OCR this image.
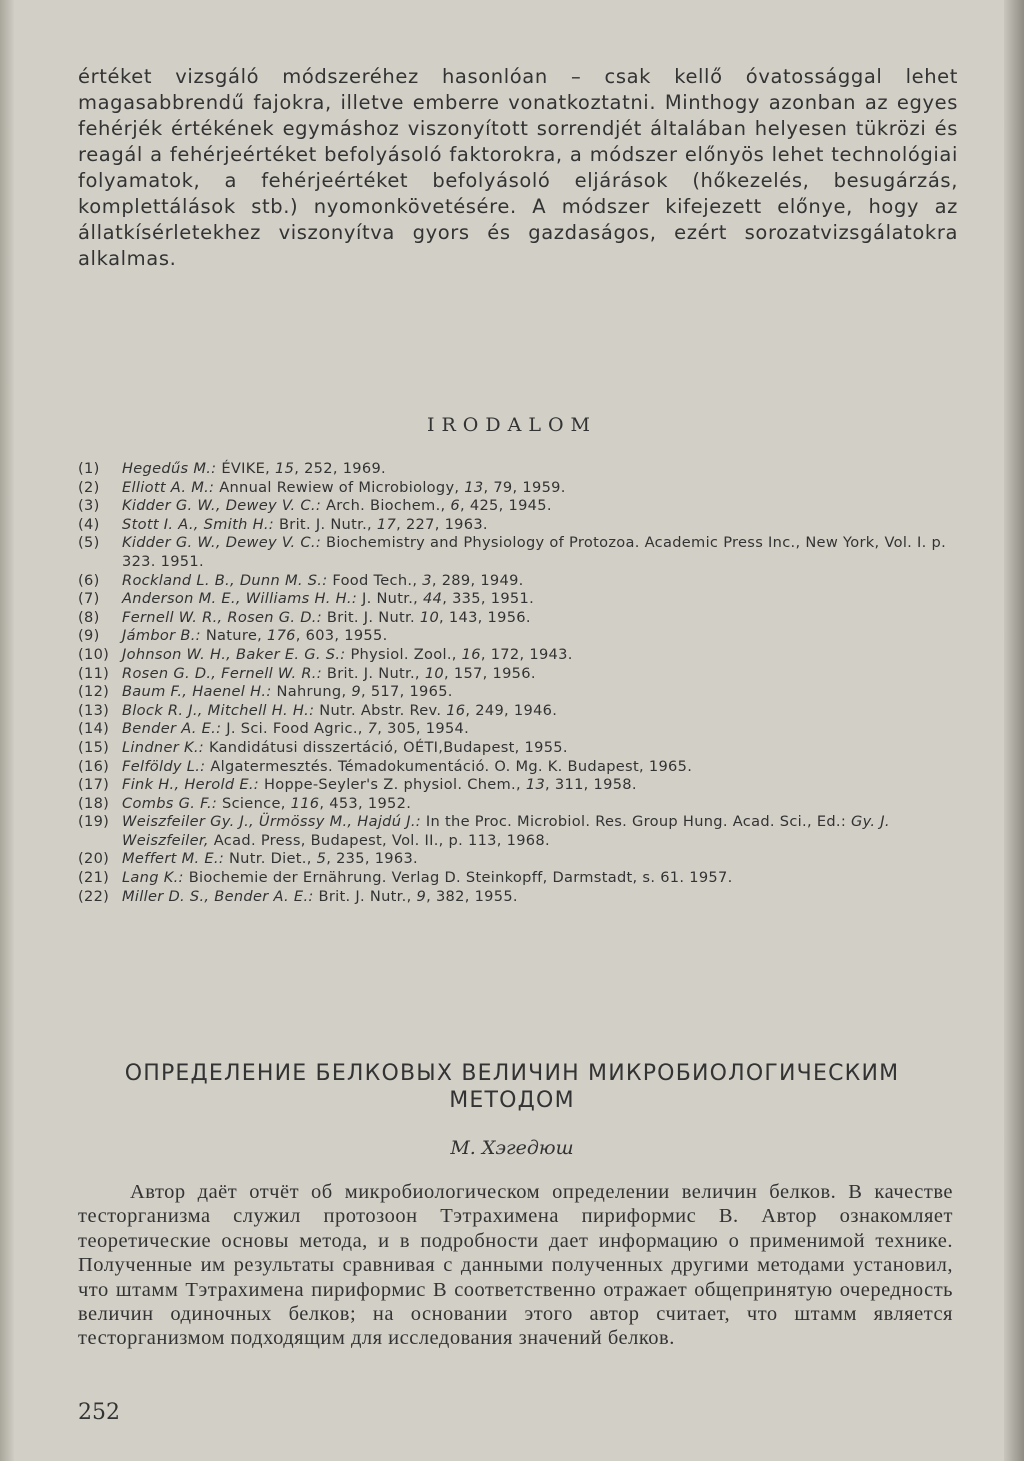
értéket vizsgáló módszeréhez hasonlóan – csak kellő óvatossággal lehet magasabbrendű fajokra, illetve emberre vonatkoztatni. Minthogy azonban az egyes fehérjék értékének egymáshoz viszonyított sorrendjét általában helyesen tükrözi és reagál a fehérjeértéket befolyásoló faktorokra, a módszer előnyös lehet technológiai folyamatok, a fehérjeértéket befolyásoló eljárások (hőkezelés, besugárzás, komplettálások stb.) nyomonkövetésére. A módszer kifejezett előnye, hogy az állatkísérletekhez viszonyítva gyors és gazdaságos, ezért sorozatvizsgálatokra alkalmas.

IRODALOM
(1) Hegedűs M.: ÉVIKE, 15, 252, 1969.
(2) Elliott A. M.: Annual Rewiew of Microbiology, 13, 79, 1959.
(3) Kidder G. W., Dewey V. C.: Arch. Biochem., 6, 425, 1945.
(4) Stott I. A., Smith H.: Brit. J. Nutr., 17, 227, 1963.
(5) Kidder G. W., Dewey V. C.: Biochemistry and Physiology of Protozoa. Academic Press Inc., New York, Vol. I. p. 323. 1951.
(6) Rockland L. B., Dunn M. S.: Food Tech., 3, 289, 1949.
(7) Anderson M. E., Williams H. H.: J. Nutr., 44, 335, 1951.
(8) Fernell W. R., Rosen G. D.: Brit. J. Nutr. 10, 143, 1956.
(9) Jámbor B.: Nature, 176, 603, 1955.
(10) Johnson W. H., Baker E. G. S.: Physiol. Zool., 16, 172, 1943.
(11) Rosen G. D., Fernell W. R.: Brit. J. Nutr., 10, 157, 1956.
(12) Baum F., Haenel H.: Nahrung, 9, 517, 1965.
(13) Block R. J., Mitchell H. H.: Nutr. Abstr. Rev. 16, 249, 1946.
(14) Bender A. E.: J. Sci. Food Agric., 7, 305, 1954.
(15) Lindner K.: Kandidátusi disszertáció, OÉTI,Budapest, 1955.
(16) Felföldy L.: Algatermesztés. Témadokumentáció. O. Mg. K. Budapest, 1965.
(17) Fink H., Herold E.: Hoppe-Seyler's Z. physiol. Chem., 13, 311, 1958.
(18) Combs G. F.: Science, 116, 453, 1952.
(19) Weiszfeiler Gy. J., Ürmössy M., Hajdú J.: In the Proc. Microbiol. Res. Group Hung. Acad. Sci., Ed.: Gy. J. Weiszfeiler, Acad. Press, Budapest, Vol. II., p. 113, 1968.
(20) Meffert M. E.: Nutr. Diet., 5, 235, 1963.
(21) Lang K.: Biochemie der Ernährung. Verlag D. Steinkopff, Darmstadt, s. 61. 1957.
(22) Miller D. S., Bender A. E.: Brit. J. Nutr., 9, 382, 1955.
ОПРЕДЕЛЕНИЕ БЕЛКОВЫХ ВЕЛИЧИН МИКРОБИОЛОГИЧЕСКИМ
МЕТОДОМ
М. Хэгедюш

Автор даёт отчёт об микробиологическом определении величин белков. В качестве тесторганизма служил протозоон Тэтрахимена пириформис B. Автор ознакомляет теоретические основы метода, и в подробности дает информацию о применимой технике. Полученные им результаты сравнивая с данными полученных другими методами установил, что штамм Тэтрахимена пириформис B соответственно отражает общепринятую очередность величин одиночных белков; на основании этого автор считает, что штамм является тесторганизмом подходящим для исследования значений белков.

252
